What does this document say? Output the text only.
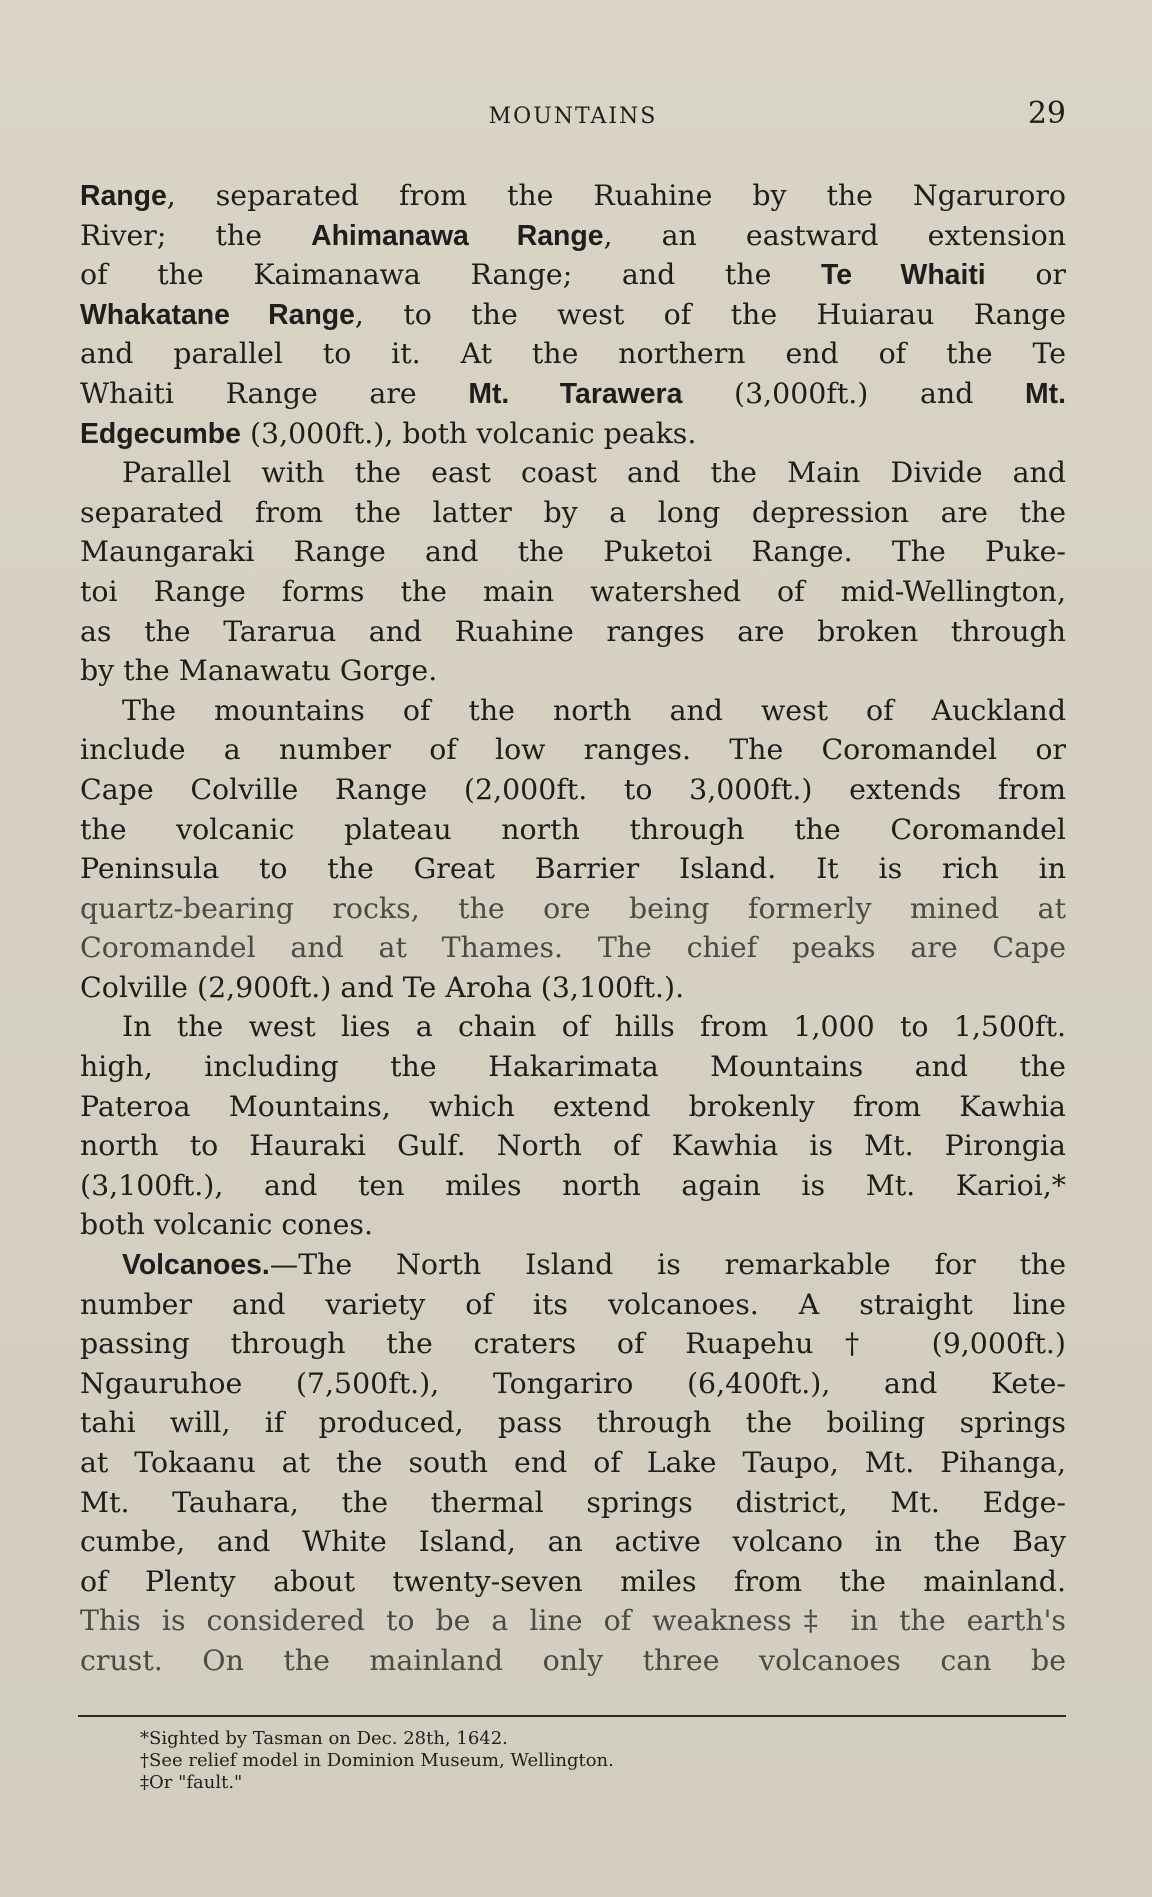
MOUNTAINS	29
Range, separated from the Ruahine by the Ngaruroro
River; the Ahimanawa Range, an eastward extension
of the Kaimanawa Range; and the Te Whaiti or
Whakatane Range, to the west of the Huiarau Range
and parallel to it. At the northern end of the Te
Whaiti Range are Mt. Tarawera (3,000ft.) and Mt.
Edgecumbe (3,000ft.), both volcanic peaks.
Parallel with the east coast and the Main Divide and
separated from the latter by a long depression are the
Maungaraki Range and the Puketoi Range. The Puke-
toi Range forms the main watershed of mid-Wellington,
as the Tararua and Ruahine ranges are broken through
by the Manawatu Gorge.
The mountains of the north and west of Auckland
include a number of low ranges. The Coromandel or
Cape Colville Range (2,000ft. to 3,000ft.) extends from
the volcanic plateau north through the Coromandel
Peninsula to the Great Barrier Island. It is rich in
quartz-bearing rocks, the ore being formerly mined at
Coromandel and at Thames. The chief peaks are Cape
Colville (2,900ft.) and Te Aroha (3,100ft.).
In the west lies a chain of hills from 1,000 to 1,500ft.
high, including the Hakarimata Mountains and the
Pateroa Mountains, which extend brokenly from Kawhia
north to Hauraki Gulf. North of Kawhia is Mt. Pirongia
(3,100ft.), and ten miles north again is Mt. Karioi,*
both volcanic cones.
Volcanoes.—The North Island is remarkable for the
number and variety of its volcanoes. A straight line
passing through the craters of Ruapehu† (9,000ft.)
Ngauruhoe (7,500ft.), Tongariro (6,400ft.), and Kete-
tahi will, if produced, pass through the boiling springs
at Tokaanu at the south end of Lake Taupo, Mt. Pihanga,
Mt. Tauhara, the thermal springs district, Mt. Edge-
cumbe, and White Island, an active volcano in the Bay
of Plenty about twenty-seven miles from the mainland.
This is considered to be a line of weakness‡ in the earth's
crust. On the mainland only three volcanoes can be
*Sighted by Tasman on Dec. 28th, 1642.
†See relief model in Dominion Museum, Wellington.
‡Or "fault."
